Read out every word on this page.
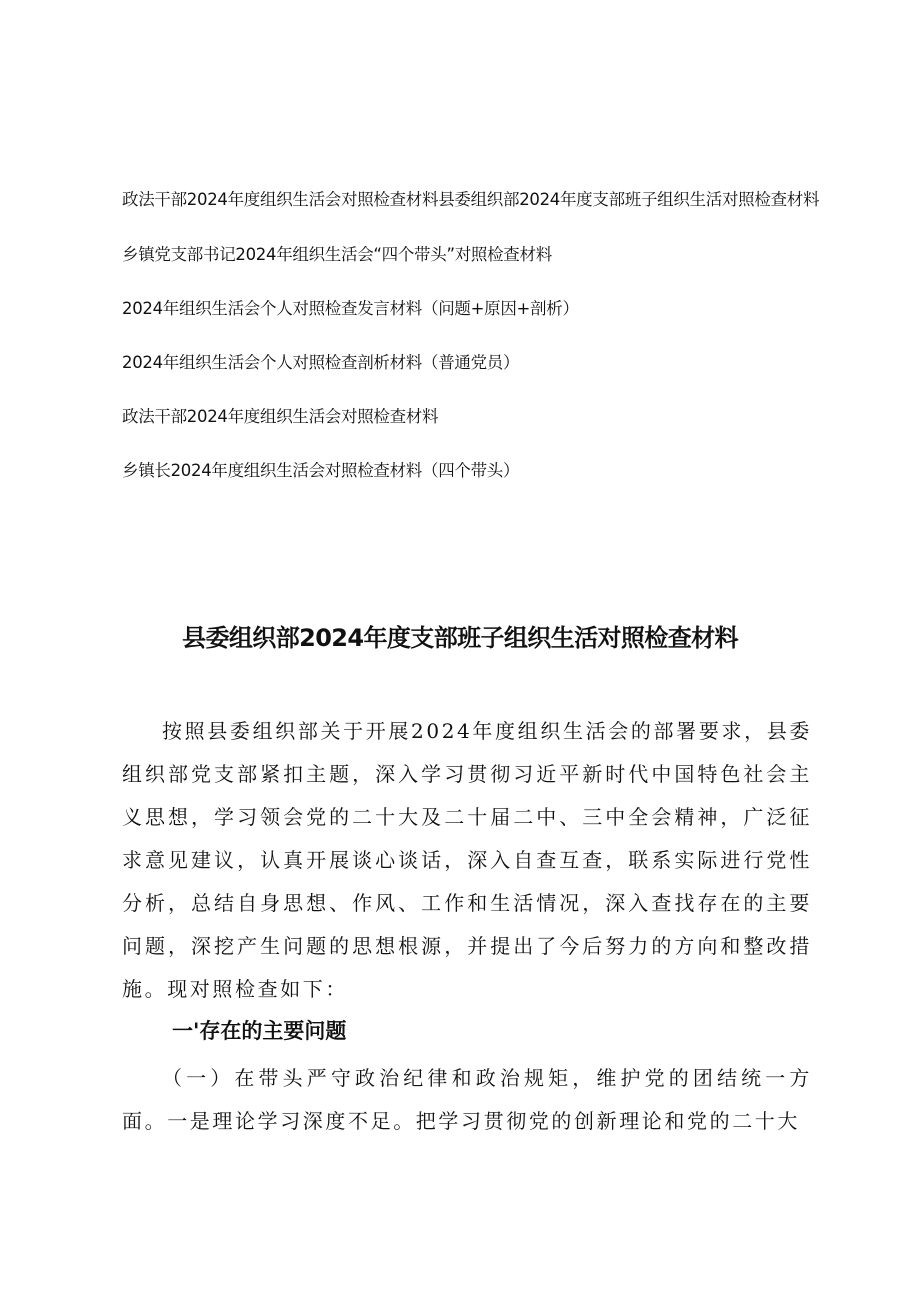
政法干部2024年度组织生活会对照检查材料县委组织部2024年度支部班子组织生活对照检查材料
乡镇党支部书记2024年组织生活会“四个带头”对照检查材料
2024年组织生活会个人对照检查发言材料（问题+原因+剖析）
2024年组织生活会个人对照检查剖析材料（普通党员）
政法干部2024年度组织生活会对照检查材料
乡镇长2024年度组织生活会对照检查材料（四个带头）
县委组织部2024年度支部班子组织生活对照检查材料

按照县委组织部关于开展2024年度组织生活会的部署要求，县委组织部党支部紧扣主题，深入学习贯彻习近平新时代中国特色社会主义思想，学习领会党的二十大及二十届二中、三中全会精神，广泛征求意见建议，认真开展谈心谈话，深入自查互查，联系实际进行党性分析，总结自身思想、作风、工作和生活情况，深入查找存在的主要问题，深挖产生问题的思想根源，并提出了今后努力的方向和整改措施。现对照检查如下：

一'存在的主要问题

（一）在带头严守政治纪律和政治规矩，维护党的团结统一方面。一是理论学习深度不足。把学习贯彻党的创新理论和党的二十大
